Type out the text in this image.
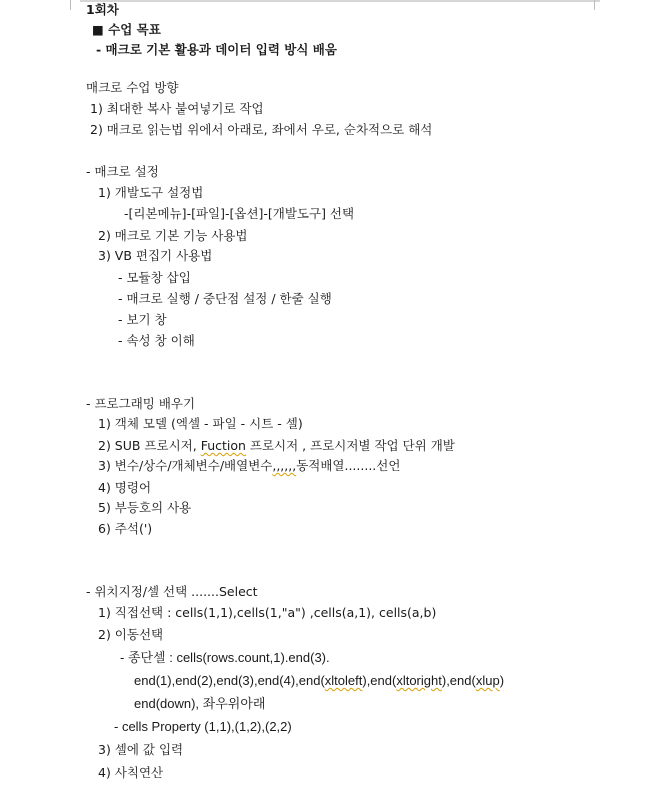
1회차
■ 수업 목표
- 매크로 기본 활용과 데이터 입력 방식 배움
매크로 수업 방향
1) 최대한 복사 붙여넣기로 작업
2) 매크로 읽는법 위에서 아래로, 좌에서 우로, 순차적으로 해석
- 매크로 설정
1) 개발도구 설정법
-[리본메뉴]-[파일]-[옵션]-[개발도구] 선택
2) 매크로 기본 기능 사용법
3) VB 편집기 사용법
- 모듈창 삽입
- 매크로 실행 / 중단점 설정 / 한줄 실행
- 보기 창
- 속성 창 이해
- 프로그래밍 배우기
1) 객체 모델 (엑셀 - 파일 - 시트 - 셀)
2) SUB 프로시저, Fuction 프로시저 , 프로시저별 작업 단위 개발
3) 변수/상수/개체변수/배열변수,,,,,,동적배열........선언
4) 명령어
5) 부등호의 사용
6) 주석(')
- 위치지정/셀 선택 .......Select
1) 직접선택 : cells(1,1),cells(1,"a") ,cells(a,1), cells(a,b)
2) 이동선택
- 종단셀 : cells(rows.count,1).end(3).
end(1),end(2),end(3),end(4),end(xltoleft),end(xltoright),end(xlup)
end(down), 좌우위아래
- cells Property (1,1),(1,2),(2,2)
3) 셀에 값 입력
4) 사칙연산
